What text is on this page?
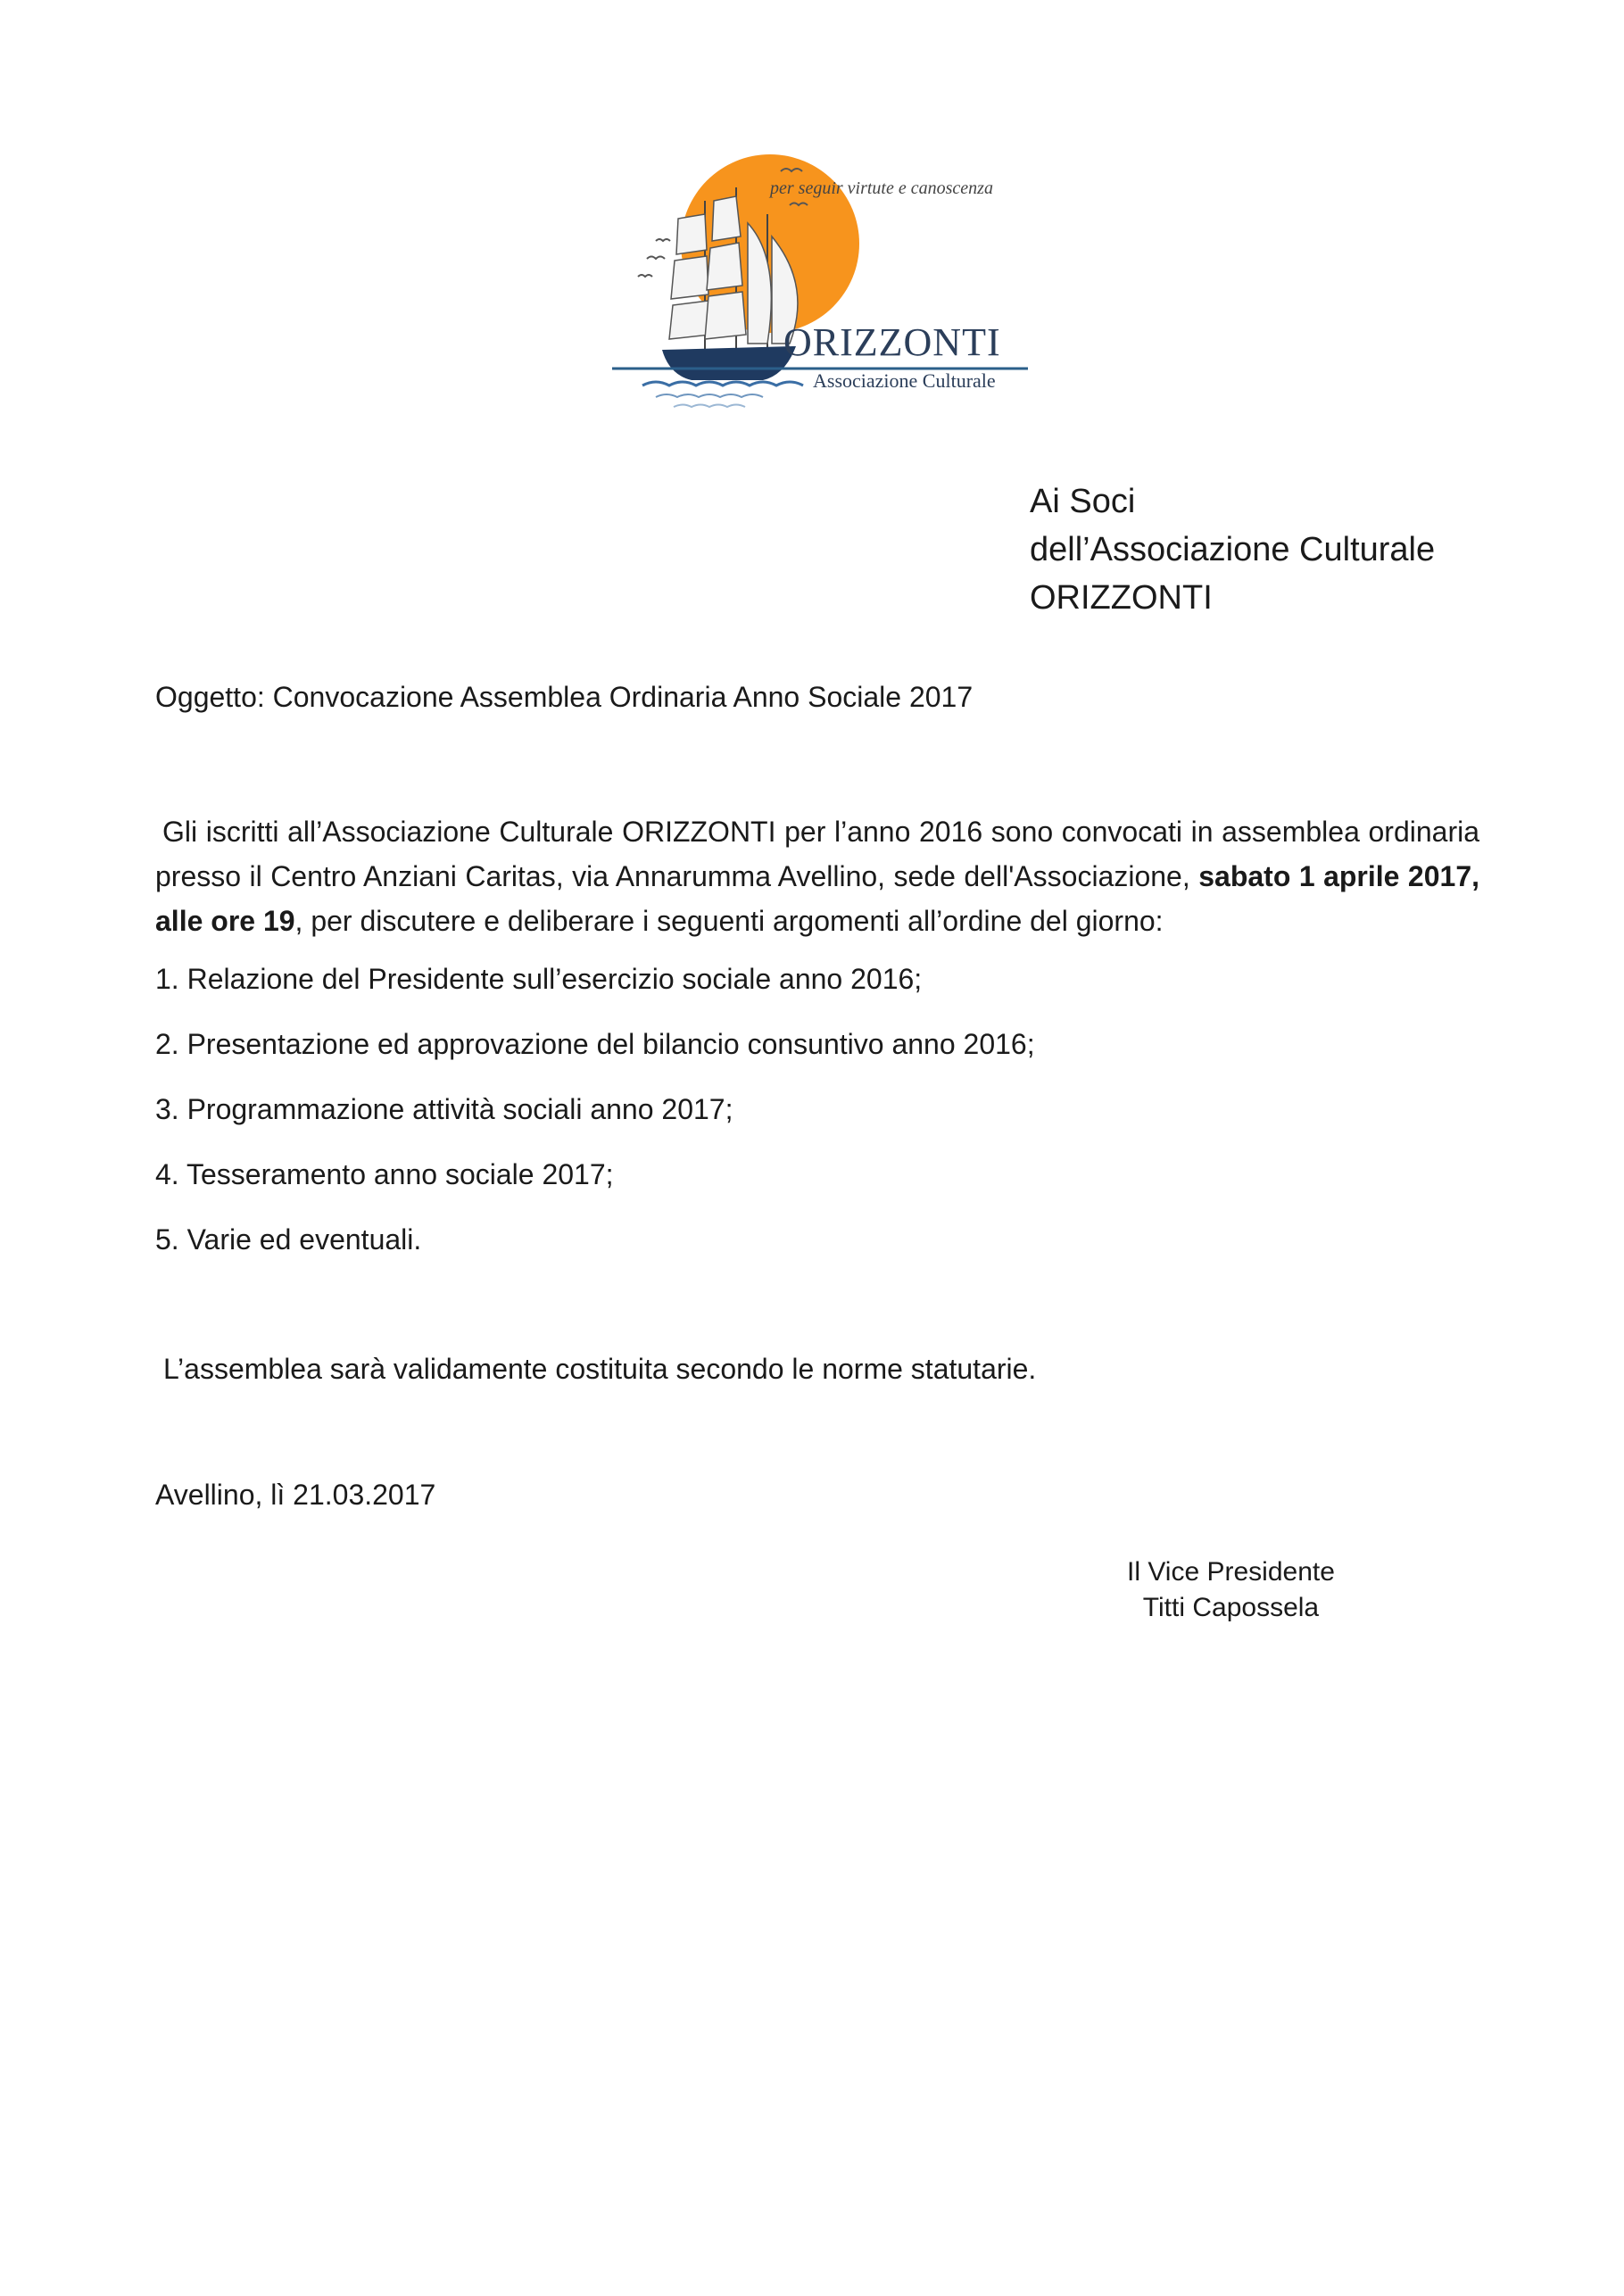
per seguir virtute e canoscenza
ORIZZONTI
Associazione Culturale
Ai Soci
dell’Associazione Culturale
ORIZZONTI
Oggetto: Convocazione Assemblea Ordinaria Anno Sociale 2017
Gli iscritti all’Associazione Culturale ORIZZONTI per l’anno 2016 sono convocati in assemblea ordinaria presso il Centro Anziani Caritas, via Annarumma Avellino, sede dell'Associazione, sabato 1 aprile 2017, alle ore 19, per discutere e deliberare i seguenti argomenti all’ordine del giorno:
1. Relazione del Presidente sull’esercizio sociale anno 2016;
2. Presentazione ed approvazione del bilancio consuntivo anno 2016;
3. Programmazione attività sociali anno 2017;
4. Tesseramento anno sociale 2017;
5. Varie ed eventuali.
L’assemblea sarà validamente costituita secondo le norme statutarie.
Avellino, lì 21.03.2017
Il Vice Presidente
Titti Capossela
